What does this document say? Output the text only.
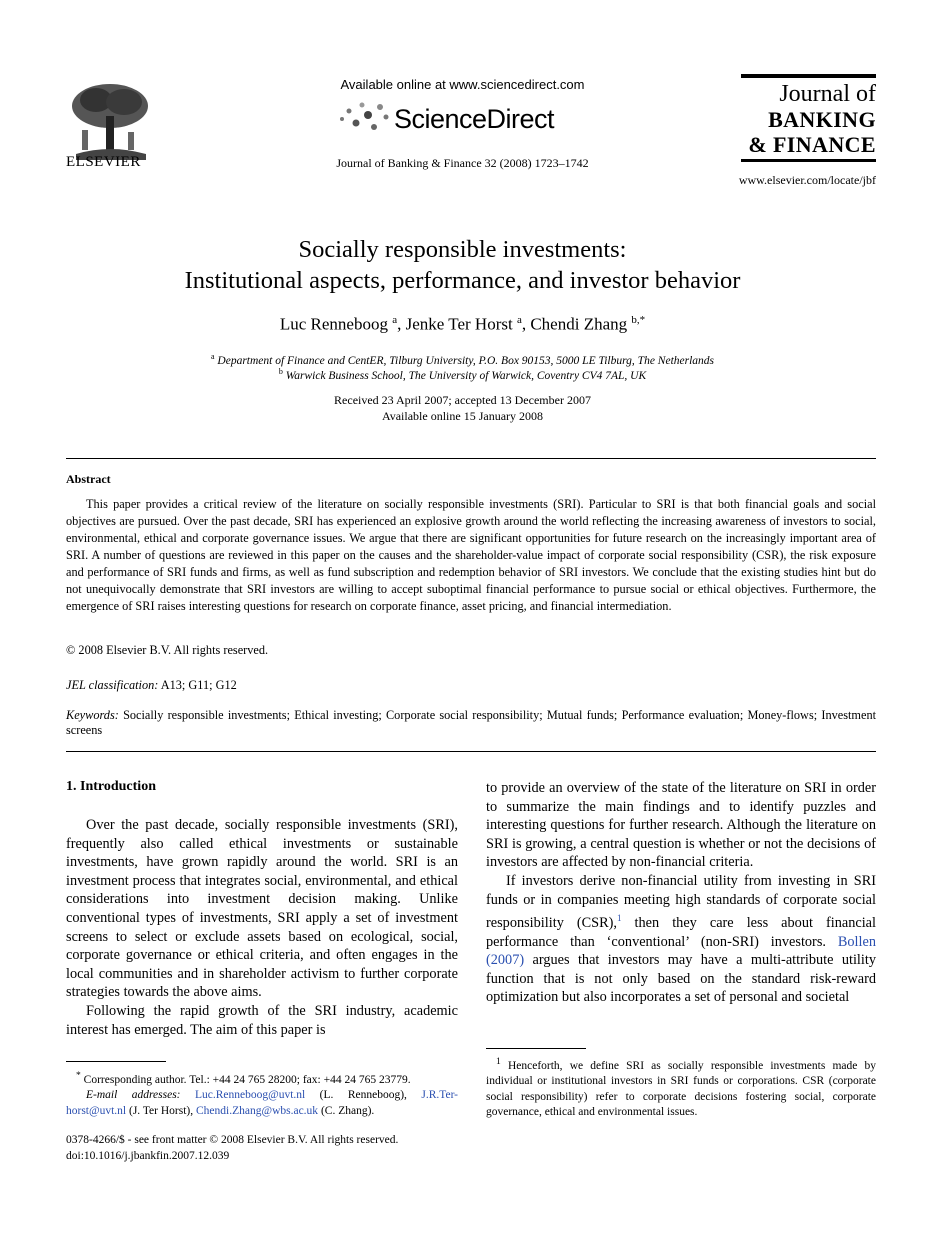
ELSEVIER
Available online at www.sciencedirect.com
ScienceDirect
Journal of Banking & Finance 32 (2008) 1723–1742
Journal of
BANKING
& FINANCE
www.elsevier.com/locate/jbf
Socially responsible investments:
Institutional aspects, performance, and investor behavior
Luc Renneboog $^a$, Jenke Ter Horst $^a$, Chendi Zhang $^{b,*}$
$^a$ Department of Finance and CentER, Tilburg University, P.O. Box 90153, 5000 LE Tilburg, The Netherlands
$^b$ Warwick Business School, The University of Warwick, Coventry CV4 7AL, UK
Received 23 April 2007; accepted 13 December 2007
Available online 15 January 2008
Abstract

This paper provides a critical review of the literature on socially responsible investments (SRI). Particular to SRI is that both financial goals and social objectives are pursued. Over the past decade, SRI has experienced an explosive growth around the world reflecting the increasing awareness of investors to social, environmental, ethical and corporate governance issues. We argue that there are significant opportunities for future research on the increasingly important area of SRI. A number of questions are reviewed in this paper on the causes and the shareholder-value impact of corporate social responsibility (CSR), the risk exposure and performance of SRI funds and firms, as well as fund subscription and redemption behavior of SRI investors. We conclude that the existing studies hint but do not unequivocally demonstrate that SRI investors are willing to accept suboptimal financial performance to pursue social or ethical objectives. Furthermore, the emergence of SRI raises interesting questions for research on corporate finance, asset pricing, and financial intermediation.

© 2008 Elsevier B.V. All rights reserved.
JEL classification: A13; G11; G12
Keywords: Socially responsible investments; Ethical investing; Corporate social responsibility; Mutual funds; Performance evaluation; Money-flows; Investment screens
1. Introduction

Over the past decade, socially responsible investments (SRI), frequently also called ethical investments or sustainable investments, have grown rapidly around the world. SRI is an investment process that integrates social, environmental, and ethical considerations into investment decision making. Unlike conventional types of investments, SRI apply a set of investment screens to select or exclude assets based on ecological, social, corporate governance or ethical criteria, and often engages in the local communities and in shareholder activism to further corporate strategies towards the above aims.

Following the rapid growth of the SRI industry, academic interest has emerged. The aim of this paper is

to provide an overview of the state of the literature on SRI in order to summarize the main findings and to identify puzzles and interesting questions for further research. Although the literature on SRI is growing, a central question is whether or not the decisions of investors are affected by non-financial criteria.

If investors derive non-financial utility from investing in SRI funds or in companies meeting high standards of corporate social responsibility (CSR),$^1$ then they care less about financial performance than ‘conventional’ (non-SRI) investors. Bollen (2007) argues that investors may have a multi-attribute utility function that is not only based on the standard risk-reward optimization but also incorporates a set of personal and societal

* Corresponding author. Tel.: +44 24 765 28200; fax: +44 24 765 23779.

E-mail addresses: Luc.Renneboog@uvt.nl (L. Renneboog), J.R.Ter-horst@uvt.nl (J. Ter Horst), Chendi.Zhang@wbs.ac.uk (C. Zhang).

$^1$ Henceforth, we define SRI as socially responsible investments made by individual or institutional investors in SRI funds or corporations. CSR (corporate social responsibility) refer to corporate decisions fostering social, corporate governance, ethical and environmental issues.

0378-4266/$ - see front matter © 2008 Elsevier B.V. All rights reserved.
doi:10.1016/j.jbankfin.2007.12.039
